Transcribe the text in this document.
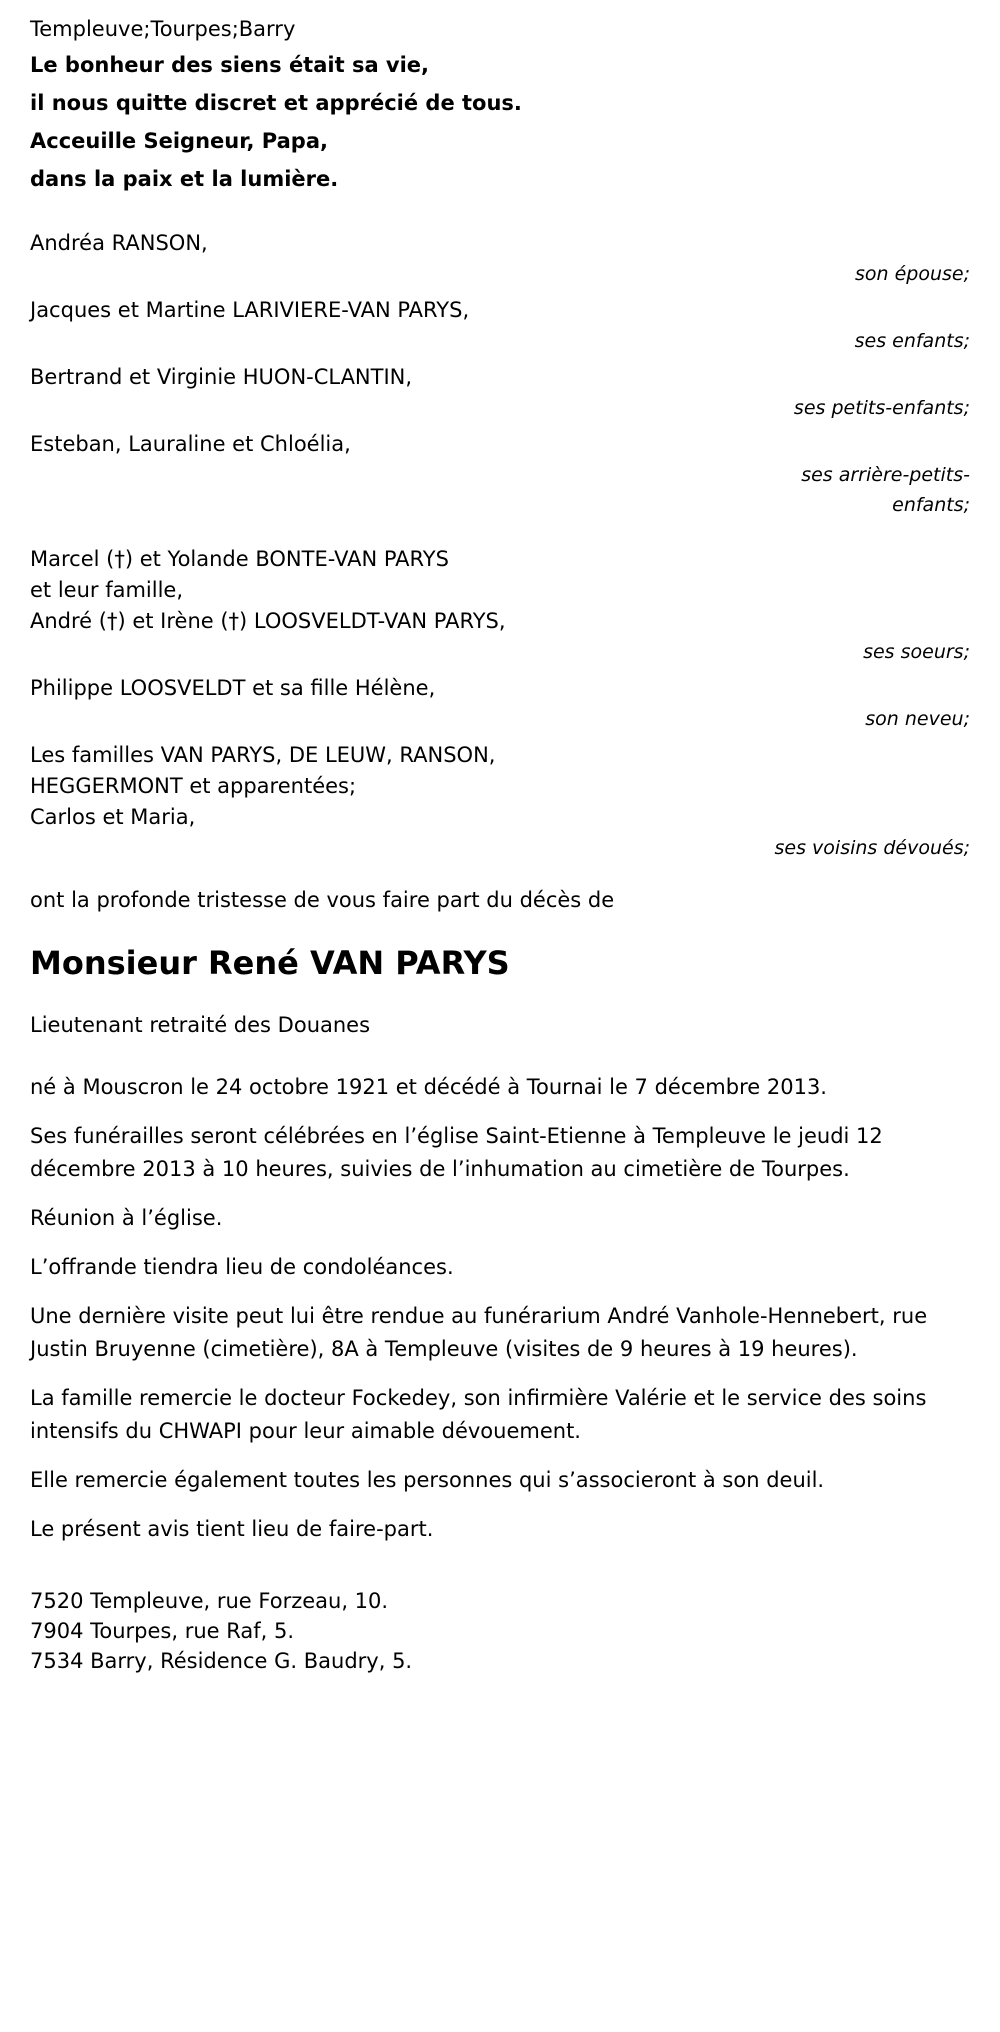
Templeuve;Tourpes;Barry
Le bonheur des siens était sa vie,
il nous quitte discret et apprécié de tous.
Acceuille Seigneur, Papa,
dans la paix et la lumière.
Andréa RANSON,
son épouse;
Jacques et Martine LARIVIERE-VAN PARYS,
ses enfants;
Bertrand et Virginie HUON-CLANTIN,
ses petits-enfants;
Esteban, Lauraline et Chloélia,
ses arrière-petits-
enfants;
Marcel (†) et Yolande BONTE-VAN PARYS
et leur famille,
André (†) et Irène (†) LOOSVELDT-VAN PARYS,
ses soeurs;
Philippe LOOSVELDT et sa fille Hélène,
son neveu;
Les familles VAN PARYS, DE LEUW, RANSON,
HEGGERMONT et apparentées;
Carlos et Maria,
ses voisins dévoués;
ont la profonde tristesse de vous faire part du décès de
Monsieur René VAN PARYS
Lieutenant retraité des Douanes
né à Mouscron le 24 octobre 1921 et décédé à Tournai le 7 décembre 2013.
Ses funérailles seront célébrées en l’église Saint-Etienne à Templeuve le jeudi 12 décembre 2013 à 10 heures, suivies de l’inhumation au cimetière de Tourpes.
Réunion à l’église.
L’offrande tiendra lieu de condoléances.
Une dernière visite peut lui être rendue au funérarium André Vanhole-Hennebert, rue Justin Bruyenne (cimetière), 8A à Templeuve (visites de 9 heures à 19 heures).
La famille remercie le docteur Fockedey, son infirmière Valérie et le service des soins intensifs du CHWAPI pour leur aimable dévouement.
Elle remercie également toutes les personnes qui s’associeront à son deuil.
Le présent avis tient lieu de faire-part.
7520 Templeuve, rue Forzeau, 10.
7904 Tourpes, rue Raf, 5.
7534 Barry, Résidence G. Baudry, 5.
